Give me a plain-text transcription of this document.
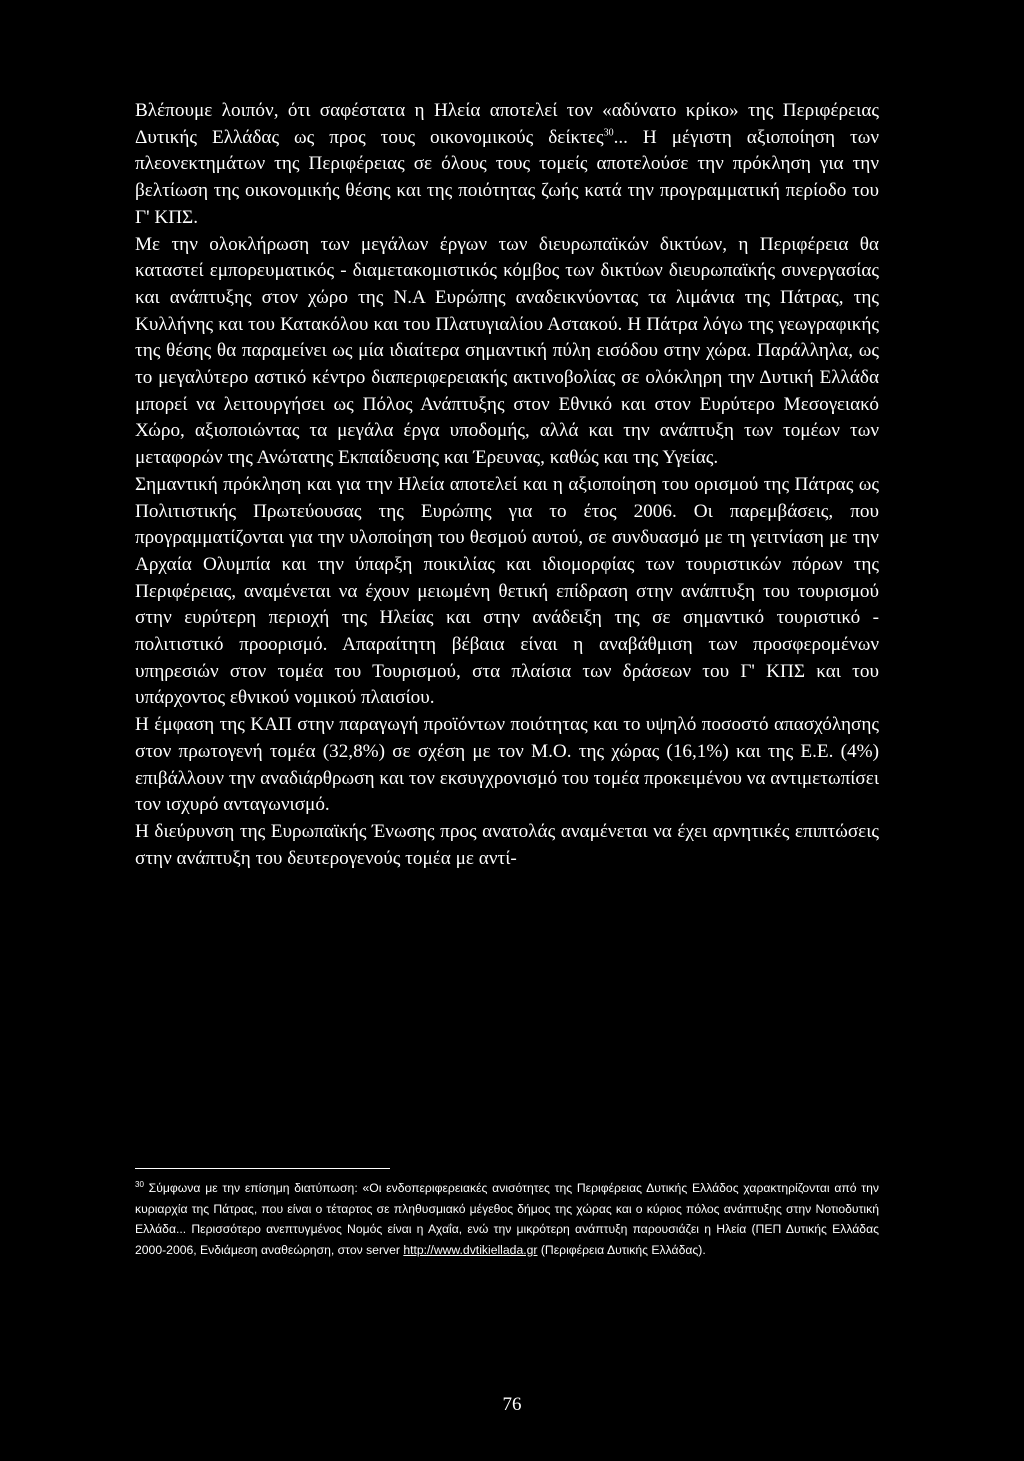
Βλέπουμε λοιπόν, ότι σαφέστατα η Ηλεία αποτελεί τον «αδύνατο κρίκο» της Περιφέρειας Δυτικής Ελλάδας ως προς τους οικονομικούς δείκτες$^{30}$... Η μέγιστη αξιοποίηση των πλεονεκτημάτων της Περιφέρειας σε όλους τους τομείς αποτελούσε την πρόκληση για την βελτίωση της οικονομικής θέσης και της ποιότητας ζωής κατά την προγραμματική περίοδο του Γ' ΚΠΣ.

Με την ολοκλήρωση των μεγάλων έργων των διευρωπαϊκών δικτύων, η Περιφέρεια θα καταστεί εμπορευματικός - διαμετακομιστικός κόμβος των δικτύων διευρωπαϊκής συνεργασίας και ανάπτυξης στον χώρο της Ν.Α Ευρώπης αναδεικνύοντας τα λιμάνια της Πάτρας, της Κυλλήνης και του Κατακόλου και του Πλατυγιαλίου Αστακού. Η Πάτρα λόγω της γεωγραφικής της θέσης θα παραμείνει ως μία ιδιαίτερα σημαντική πύλη εισόδου στην χώρα. Παράλληλα, ως το μεγαλύτερο αστικό κέντρο διαπεριφερειακής ακτινοβολίας σε ολόκληρη την Δυτική Ελλάδα μπορεί να λειτουργήσει ως Πόλος Ανάπτυξης στον Εθνικό και στον Ευρύτερο Μεσογειακό Χώρο, αξιοποιώντας τα μεγάλα έργα υποδομής, αλλά και την ανάπτυξη των τομέων των μεταφορών της Ανώτατης Εκπαίδευσης και Έρευνας, καθώς και της Υγείας.

Σημαντική πρόκληση και για την Ηλεία αποτελεί και η αξιοποίηση του ορισμού της Πάτρας ως Πολιτιστικής Πρωτεύουσας της Ευρώπης για το έτος 2006. Οι παρεμβάσεις, που προγραμματίζονται για την υλοποίηση του θεσμού αυτού, σε συνδυασμό με τη γειτνίαση με την Αρχαία Ολυμπία και την ύπαρξη ποικιλίας και ιδιομορφίας των τουριστικών πόρων της Περιφέρειας, αναμένεται να έχουν μειωμένη θετική επίδραση στην ανάπτυξη του τουρισμού στην ευρύτερη περιοχή της Ηλείας και στην ανάδειξη της σε σημαντικό τουριστικό - πολιτιστικό προορισμό. Απαραίτητη βέβαια είναι η αναβάθμιση των προσφερομένων υπηρεσιών στον τομέα του Τουρισμού, στα πλαίσια των δράσεων του Γ' ΚΠΣ και του υπάρχοντος εθνικού νομικού πλαισίου.

Η έμφαση της ΚΑΠ στην παραγωγή προϊόντων ποιότητας και το υψηλό ποσοστό απασχόλησης στον πρωτογενή τομέα (32,8%) σε σχέση με τον Μ.Ο. της χώρας (16,1%) και της Ε.Ε. (4%) επιβάλλουν την αναδιάρθρωση και τον εκσυγχρονισμό του τομέα προκειμένου να αντιμετωπίσει τον ισχυρό ανταγωνισμό.

Η διεύρυνση της Ευρωπαϊκής Ένωσης προς ανατολάς αναμένεται να έχει αρνητικές επιπτώσεις στην ανάπτυξη του δευτερογενούς τομέα με αντί-

$^{30}$ Σύμφωνα με την επίσημη διατύπωση: «Οι ενδοπεριφερειακές ανισότητες της Περιφέρειας Δυτικής Ελλάδος χαρακτηρίζονται από την κυριαρχία της Πάτρας, που είναι ο τέταρτος σε πληθυσμιακό μέγεθος δήμος της χώρας και ο κύριος πόλος ανάπτυξης στην Νοτιοδυτική Ελλάδα... Περισσότερο ανεπτυγμένος Νομός είναι η Αχαΐα, ενώ την μικρότερη ανάπτυξη παρουσιάζει η Ηλεία (ΠΕΠ Δυτικής Ελλάδας 2000-2006, Ενδιάμεση αναθεώρηση, στον server http://www.dvtikiellada.gr (Περιφέρεια Δυτικής Ελλάδας).
76
